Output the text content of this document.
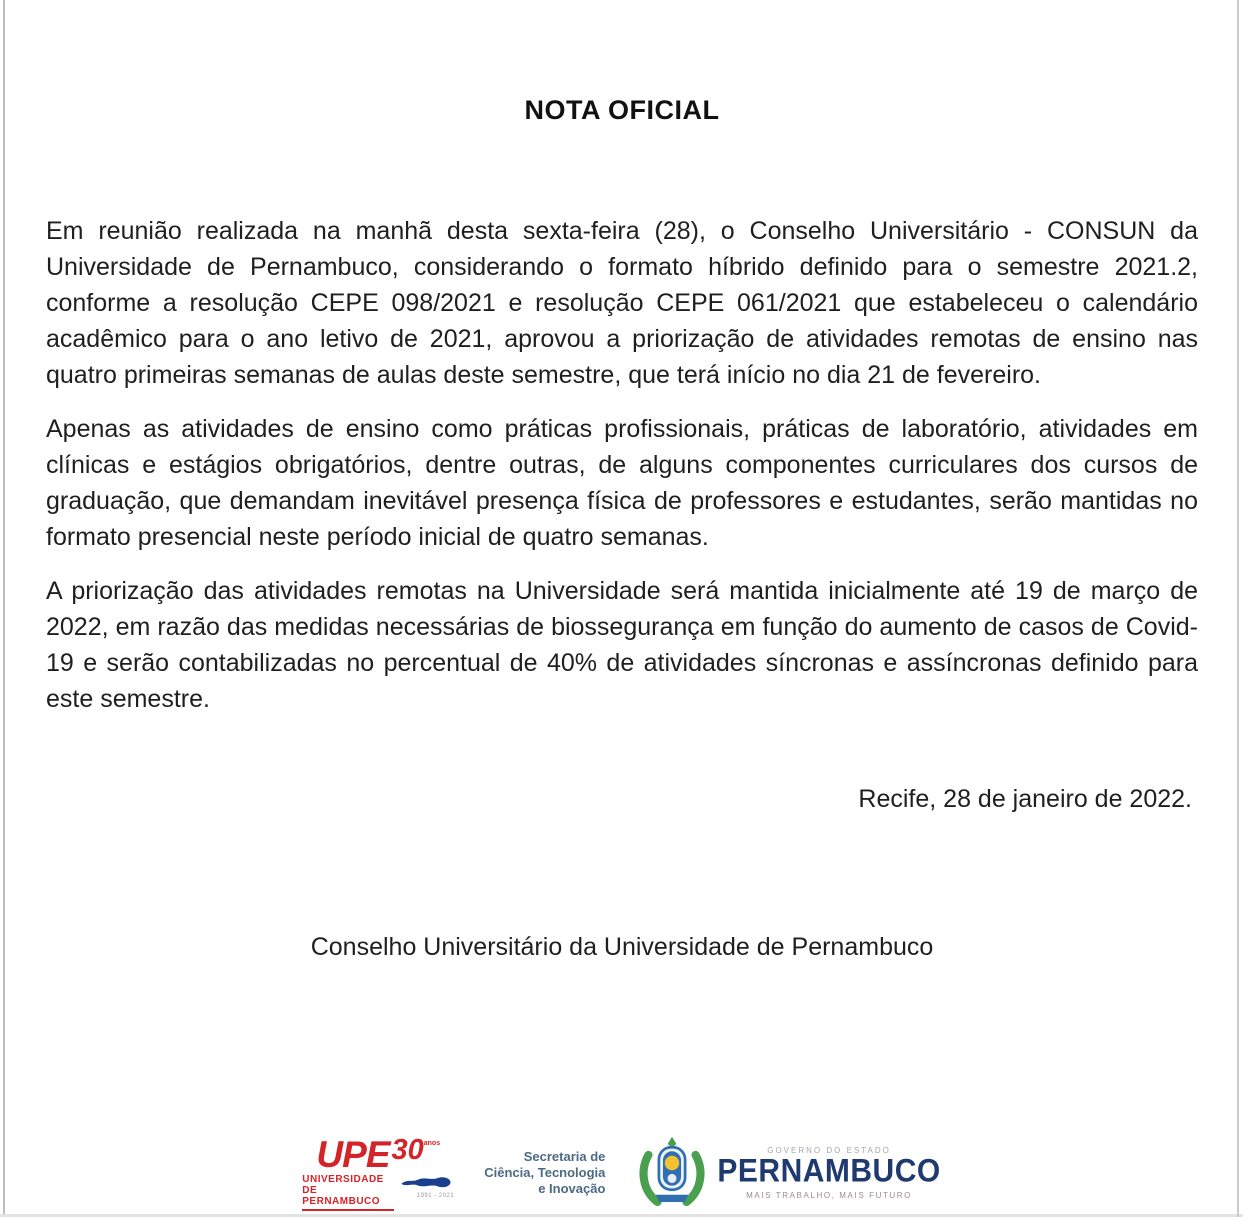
NOTA OFICIAL

Em reunião realizada na manhã desta sexta-feira (28), o Conselho Universitário - CONSUN da Universidade de Pernambuco, considerando o formato híbrido definido para o semestre 2021.2, conforme a resolução CEPE 098/2021 e resolução CEPE 061/2021 que estabeleceu o calendário acadêmico para o ano letivo de 2021, aprovou a priorização de atividades remotas de ensino nas quatro primeiras semanas de aulas deste semestre, que terá início no dia 21 de fevereiro.

Apenas as atividades de ensino como práticas profissionais, práticas de laboratório, atividades em clínicas e estágios obrigatórios, dentre outras, de alguns componentes curriculares dos cursos de graduação, que demandam inevitável presença física de professores e estudantes, serão mantidas no formato presencial neste período inicial de quatro semanas.

A priorização das atividades remotas na Universidade será mantida inicialmente até 19 de março de 2022, em razão das medidas necessárias de biossegurança em função do aumento de casos de Covid-19 e serão contabilizadas no percentual de 40% de atividades síncronas e assíncronas definido para este semestre.

Recife, 28 de janeiro de 2022.
Conselho Universitário da Universidade de Pernambuco
UPE 30 anos
UNIVERSIDADE
DE PERNAMBUCO	1991 - 2021
Secretaria de
Ciência, Tecnologia
e Inovação
GOVERNO DO ESTADO
PERNAMBUCO
MAIS TRABALHO, MAIS FUTURO
